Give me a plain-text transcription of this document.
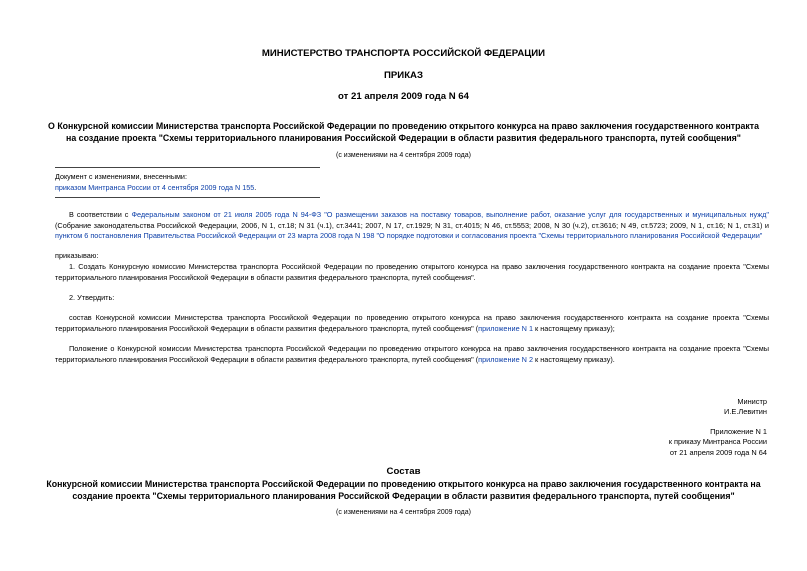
МИНИСТЕРСТВО ТРАНСПОРТА РОССИЙСКОЙ ФЕДЕРАЦИИ
ПРИКАЗ
от 21 апреля 2009 года N 64
О Конкурсной комиссии Министерства транспорта Российской Федерации по проведению открытого конкурса на право заключения государственного контракта
на создание проекта "Схемы территориального планирования Российской Федерации в области развития федерального транспорта, путей сообщения"
(с изменениями на 4 сентября 2009 года)
Документ с изменениями, внесенными:
приказом Минтранса России от 4 сентября 2009 года N 155.
В соответствии с Федеральным законом от 21 июля 2005 года N 94-ФЗ "О размещении заказов на поставку товаров, выполнение работ, оказание услуг для государственных и муниципальных нужд" (Собрание законодательства Российской Федерации, 2006, N 1, ст.18; N 31 (ч.1), ст.3441; 2007, N 17, ст.1929; N 31, ст.4015; N 46, ст.5553; 2008, N 30 (ч.2), ст.3616; N 49, ст.5723; 2009, N 1, ст.16; N 1, ст.31) и пунктом 6 постановления Правительства Российской Федерации от 23 марта 2008 года N 198 "О порядке подготовки и согласования проекта "Схемы территориального планирования Российской Федерации"
приказываю:
1. Создать Конкурсную комиссию Министерства транспорта Российской Федерации по проведению открытого конкурса на право заключения государственного контракта на создание проекта "Схемы территориального планирования Российской Федерации в области развития федерального транспорта, путей сообщения".
2. Утвердить:
состав Конкурсной комиссии Министерства транспорта Российской Федерации по проведению открытого конкурса на право заключения государственного контракта на создание проекта "Схемы территориального планирования Российской Федерации в области развития федерального транспорта, путей сообщения" (приложение N 1 к настоящему приказу);
Положение о Конкурсной комиссии Министерства транспорта Российской Федерации по проведению открытого конкурса на право заключения государственного контракта на создание проекта "Схемы территориального планирования Российской Федерации в области развития федерального транспорта, путей сообщения" (приложение N 2 к настоящему приказу).
Министр
И.Е.Левитин
Приложение N 1
к приказу Минтранса России
от 21 апреля 2009 года N 64
Состав
Конкурсной комиссии Министерства транспорта Российской Федерации по проведению открытого конкурса на право заключения государственного контракта на
создание проекта "Схемы территориального планирования Российской Федерации в области развития федерального транспорта, путей сообщения"
(с изменениями на 4 сентября 2009 года)
